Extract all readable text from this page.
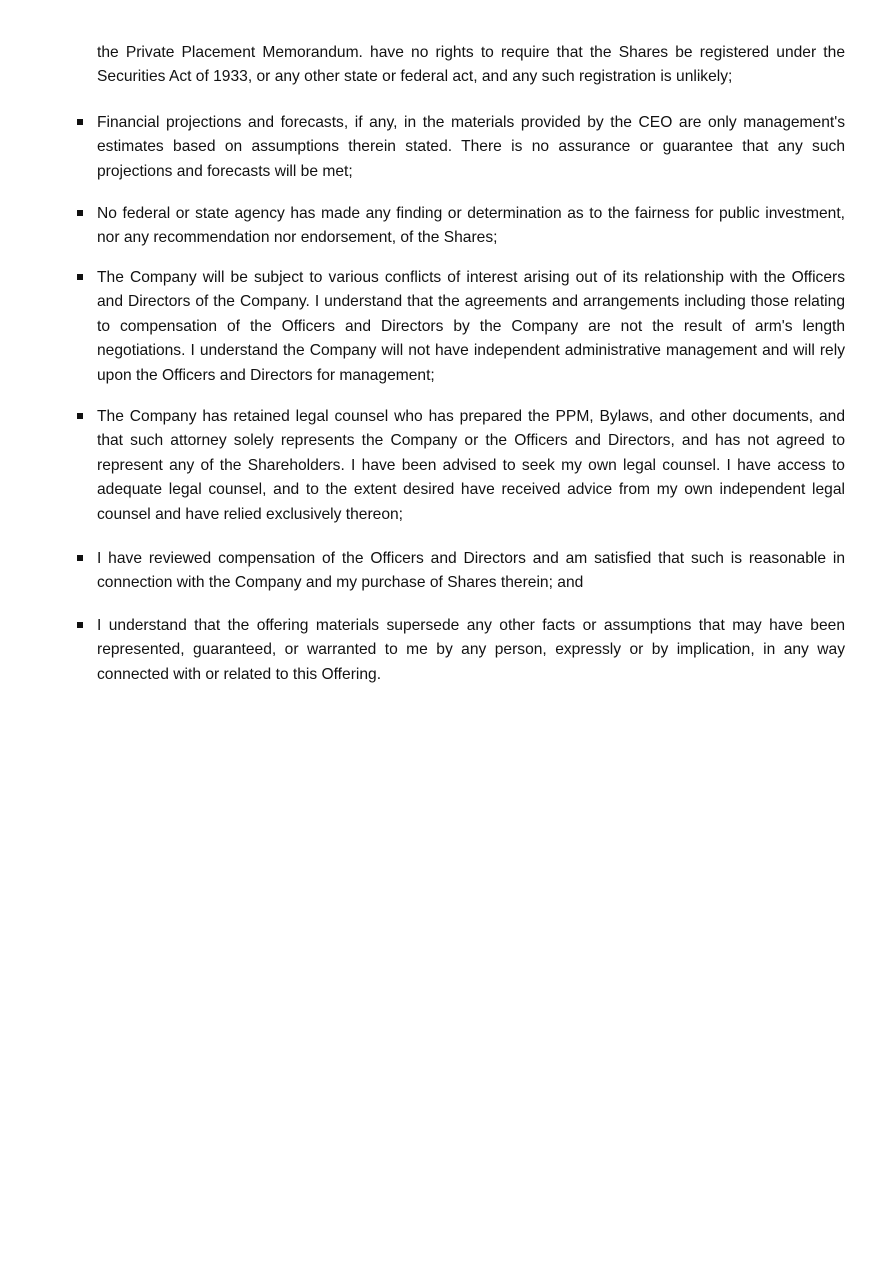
the Private Placement Memorandum. have no rights to require that the Shares be registered under the Securities Act of 1933, or any other state or federal act, and any such registration is unlikely;

Financial projections and forecasts, if any, in the materials provided by the CEO are only management's estimates based on assumptions therein stated. There is no assurance or guarantee that any such projections and forecasts will be met;

No federal or state agency has made any finding or determination as to the fairness for public investment, nor any recommendation nor endorsement, of the Shares;

The Company will be subject to various conflicts of interest arising out of its relationship with the Officers and Directors of the Company. I understand that the agreements and arrangements including those relating to compensation of the Officers and Directors by the Company are not the result of arm's length negotiations. I understand the Company will not have independent administrative management and will rely upon the Officers and Directors for management;

The Company has retained legal counsel who has prepared the PPM, Bylaws, and other documents, and that such attorney solely represents the Company or the Officers and Directors, and has not agreed to represent any of the Shareholders. I have been advised to seek my own legal counsel. I have access to adequate legal counsel, and to the extent desired have received advice from my own independent legal counsel and have relied exclusively thereon;

I have reviewed compensation of the Officers and Directors and am satisfied that such is reasonable in connection with the Company and my purchase of Shares therein; and

I understand that the offering materials supersede any other facts or assumptions that may have been represented, guaranteed, or warranted to me by any person, expressly or by implication, in any way connected with or related to this Offering.
